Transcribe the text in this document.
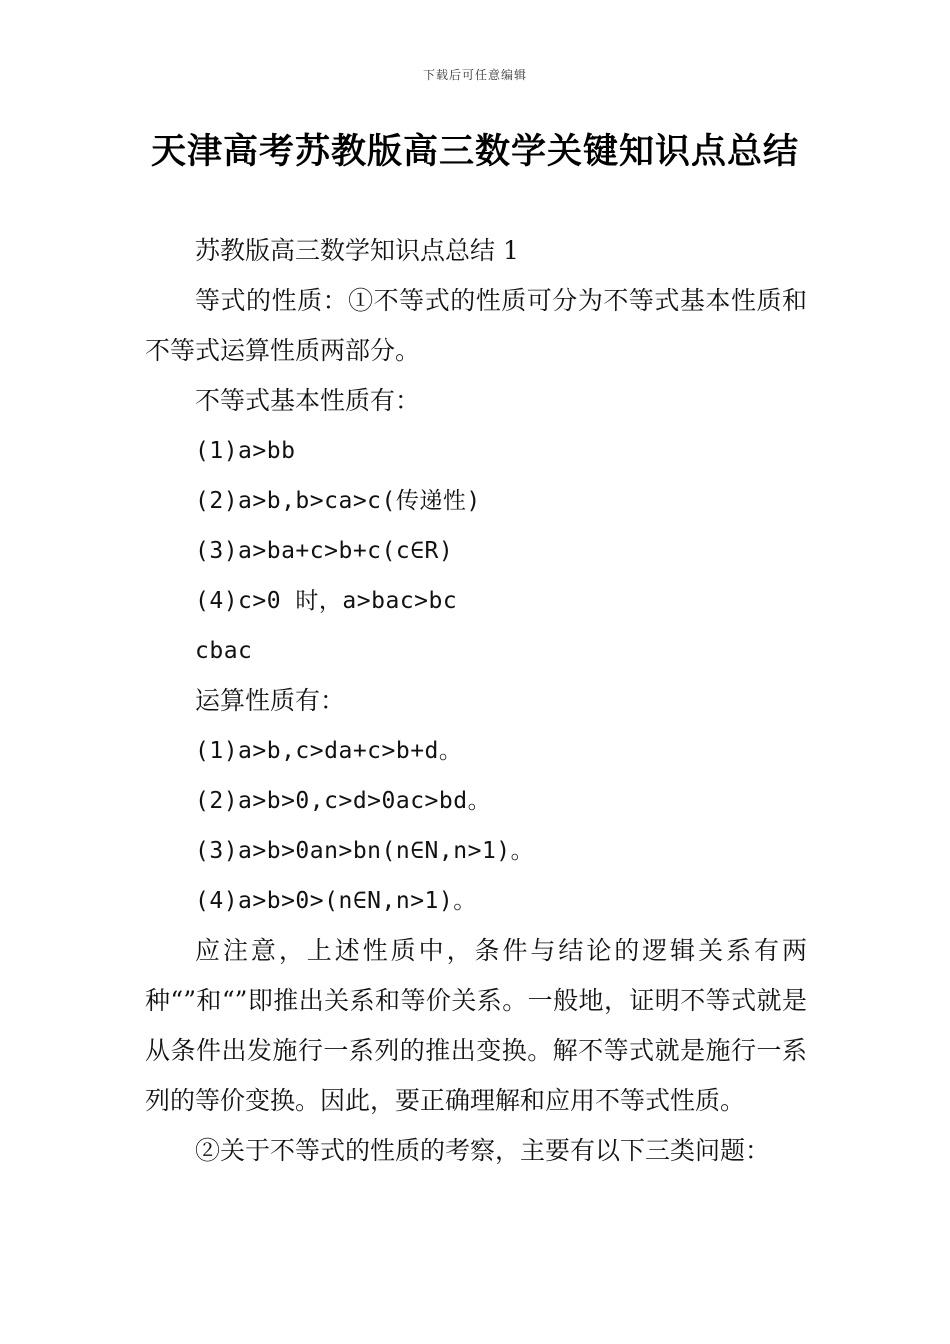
下载后可任意编辑
天津高考苏教版高三数学关键知识点总结

苏教版高三数学知识点总结 1

等式的性质：①不等式的性质可分为不等式基本性质和不等式运算性质两部分。

不等式基本性质有：

(1)a>bb

(2)a>b,b>ca>c(传递性)

(3)a>ba+c>b+c(c∈R)

(4)c>0 时，a>bac>bc

cbac

运算性质有：

(1)a>b,c>da+c>b+d。

(2)a>b>0,c>d>0ac>bd。

(3)a>b>0an>bn(n∈N,n>1)。

(4)a>b>0>(n∈N,n>1)。

应注意，上述性质中，条件与结论的逻辑关系有两种“”和“”即推出关系和等价关系。一般地，证明不等式就是从条件出发施行一系列的推出变换。解不等式就是施行一系列的等价变换。因此，要正确理解和应用不等式性质。

②关于不等式的性质的考察，主要有以下三类问题：
